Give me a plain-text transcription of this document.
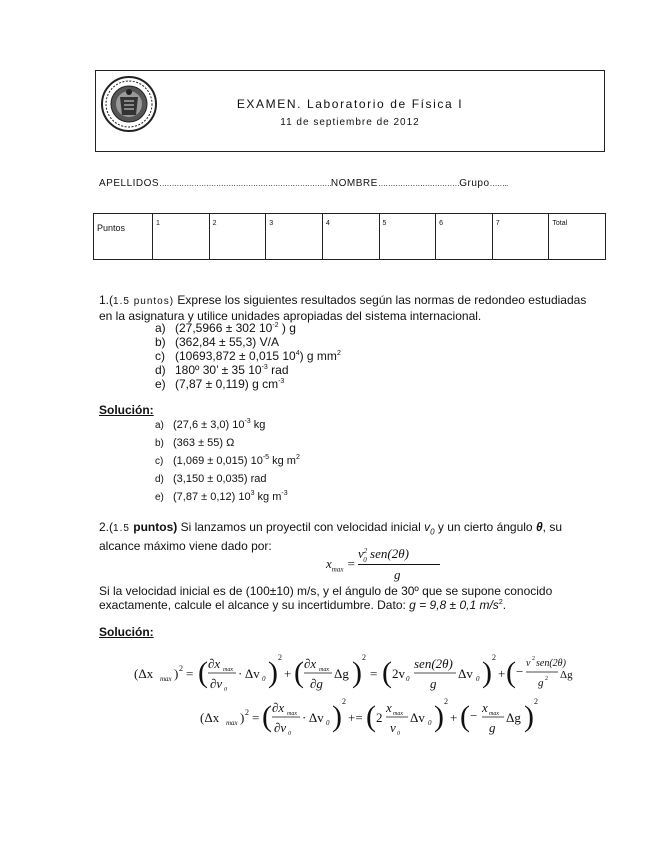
EXAMEN. Laboratorio de Física I
11 de septiembre de 2012
APELLIDOS…………………………………………………………….NOMBRE……………………………Grupo……..
Puntos	1	2	3	4	5	6	7	Total
1.(1.5 puntos) Exprese los siguientes resultados según las normas de redondeo estudiadas en la asignatura y utilice unidades apropiadas del sistema internacional.
a) (27,5966 ± 302 $10^{-2}$ ) g
b) (362,84 ± 55,3) V/A
c) (10693,872 ± 0,015 $10^4$) g $mm^2$
d) 180º 30’ ± 35 $10^{-3}$ rad
e) (7,87 ± 0,119) g $cm^{-3}$
Solución:
a) (27,6 ± 3,0) $10^{-3}$ kg
b) (363 ± 55) Ω
c) (1,069 ± 0,015) $10^{-5}$ kg $m^2$
d) (3,150 ± 0,035) rad
e) (7,87 ± 0,12) $10^3$ kg $m^{-3}$
2.(1.5 puntos) Si lanzamos un proyectil con velocidad inicial $v_0$ y un cierto ángulo θ, su alcance máximo viene dado por:
$x_{max}$ =
$v^2_0$ sen(2θ)
g
Si la velocidad inicial es de (100±10) m/s, y el ángulo de 30º que se supone conocido exactamente, calcule el alcance y su incertidumbre. Dato: g = 9,8 ± 0,1 $m/s^2$.
Solución:
(Δx max ) 2 = ( ∂x max
∂v 0
· Δv 0 ) 2
+ ( ∂x max
∂g
Δg ) 2
= ( 2v 0
sen(2θ)
g
Δv 0 ) 2
+ ( −
v 2 sen(2θ)
g 2 Δg
(Δx max ) 2 = ( ∂x max
∂v 0
· Δv 0 ) 2
+= ( 2
x max
v 0
Δv 0 ) 2
+ ( −
x max
g
Δg ) 2
